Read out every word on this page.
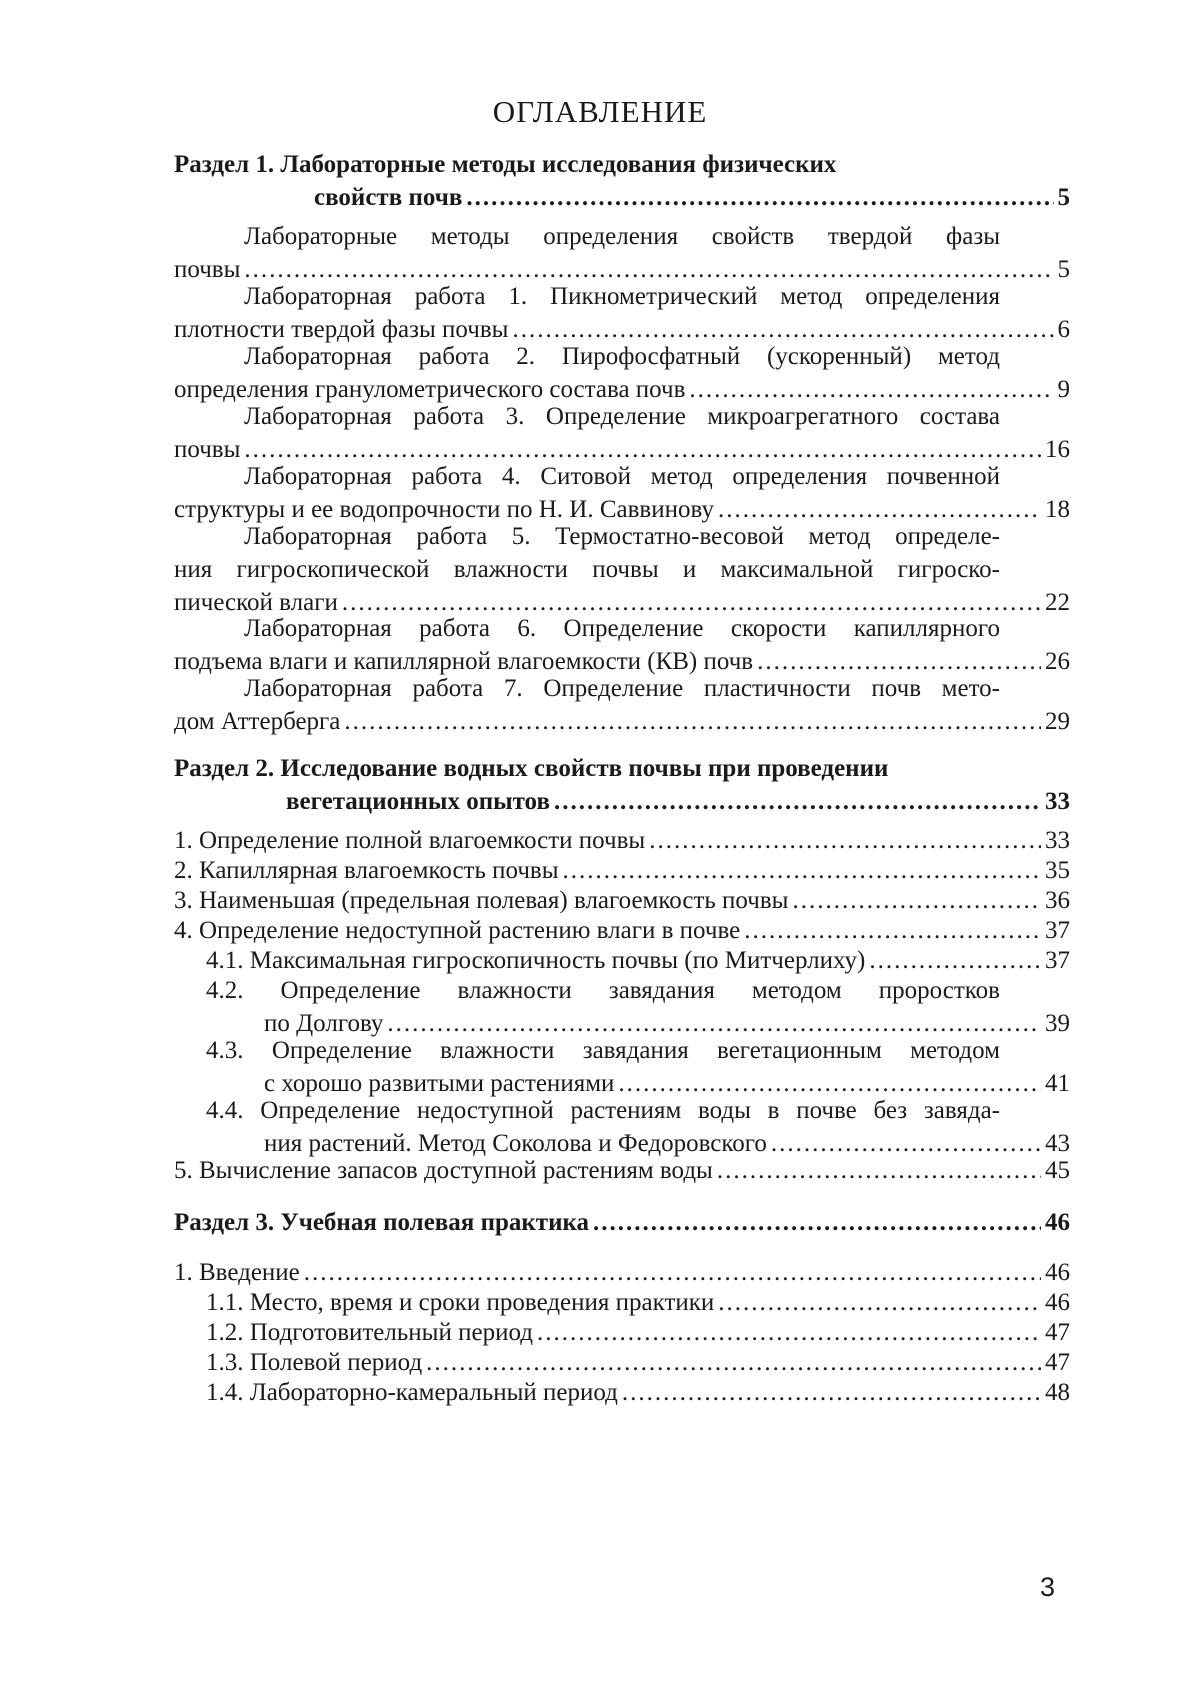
ОГЛАВЛЕНИЕ
Раздел 1. Лабораторные методы исследования физических
свойств почв .....	5
Лабораторные методы определения свойств твердой фазы
почвы .....	5
Лабораторная работа 1. Пикнометрический метод определения
плотности твердой фазы почвы .....	6
Лабораторная работа 2. Пирофосфатный (ускоренный) метод
определения гранулометрического состава почв .....	9
Лабораторная работа 3. Определение микроагрегатного состава
почвы .....	16
Лабораторная работа 4. Ситовой метод определения почвенной
структуры и ее водопрочности по Н. И. Саввинову .....	18
Лабораторная работа 5. Термостатно-весовой метод определе-
ния гигроскопической влажности почвы и максимальной гигроско-
пической влаги .....	22
Лабораторная работа 6. Определение скорости капиллярного
подъема влаги и капиллярной влагоемкости (КВ) почв .....	26
Лабораторная работа 7. Определение пластичности почв мето-
дом Аттерберга .....	29
Раздел 2. Исследование водных свойств почвы при проведении
вегетационных опытов .....	33
1. Определение полной влагоемкости почвы .....	33
2. Капиллярная влагоемкость почвы .....	35
3. Наименьшая (предельная полевая) влагоемкость почвы .....	36
4. Определение недоступной растению влаги в почве .....	37
4.1. Максимальная гигроскопичность почвы (по Митчерлиху) .....	37
4.2. Определение влажности завядания методом проростков
по Долгову .....	39
4.3. Определение влажности завядания вегетационным методом
с хорошо развитыми растениями .....	41
4.4. Определение недоступной растениям воды в почве без завяда-
ния растений. Метод Соколова и Федоровского .....	43
5. Вычисление запасов доступной растениям воды .....	45
Раздел 3. Учебная полевая практика .....	46
1. Введение .....	46
1.1. Место, время и сроки проведения практики .....	46
1.2. Подготовительный период .....	47
1.3. Полевой период .....	47
1.4. Лабораторно-камеральный период .....	48
3
